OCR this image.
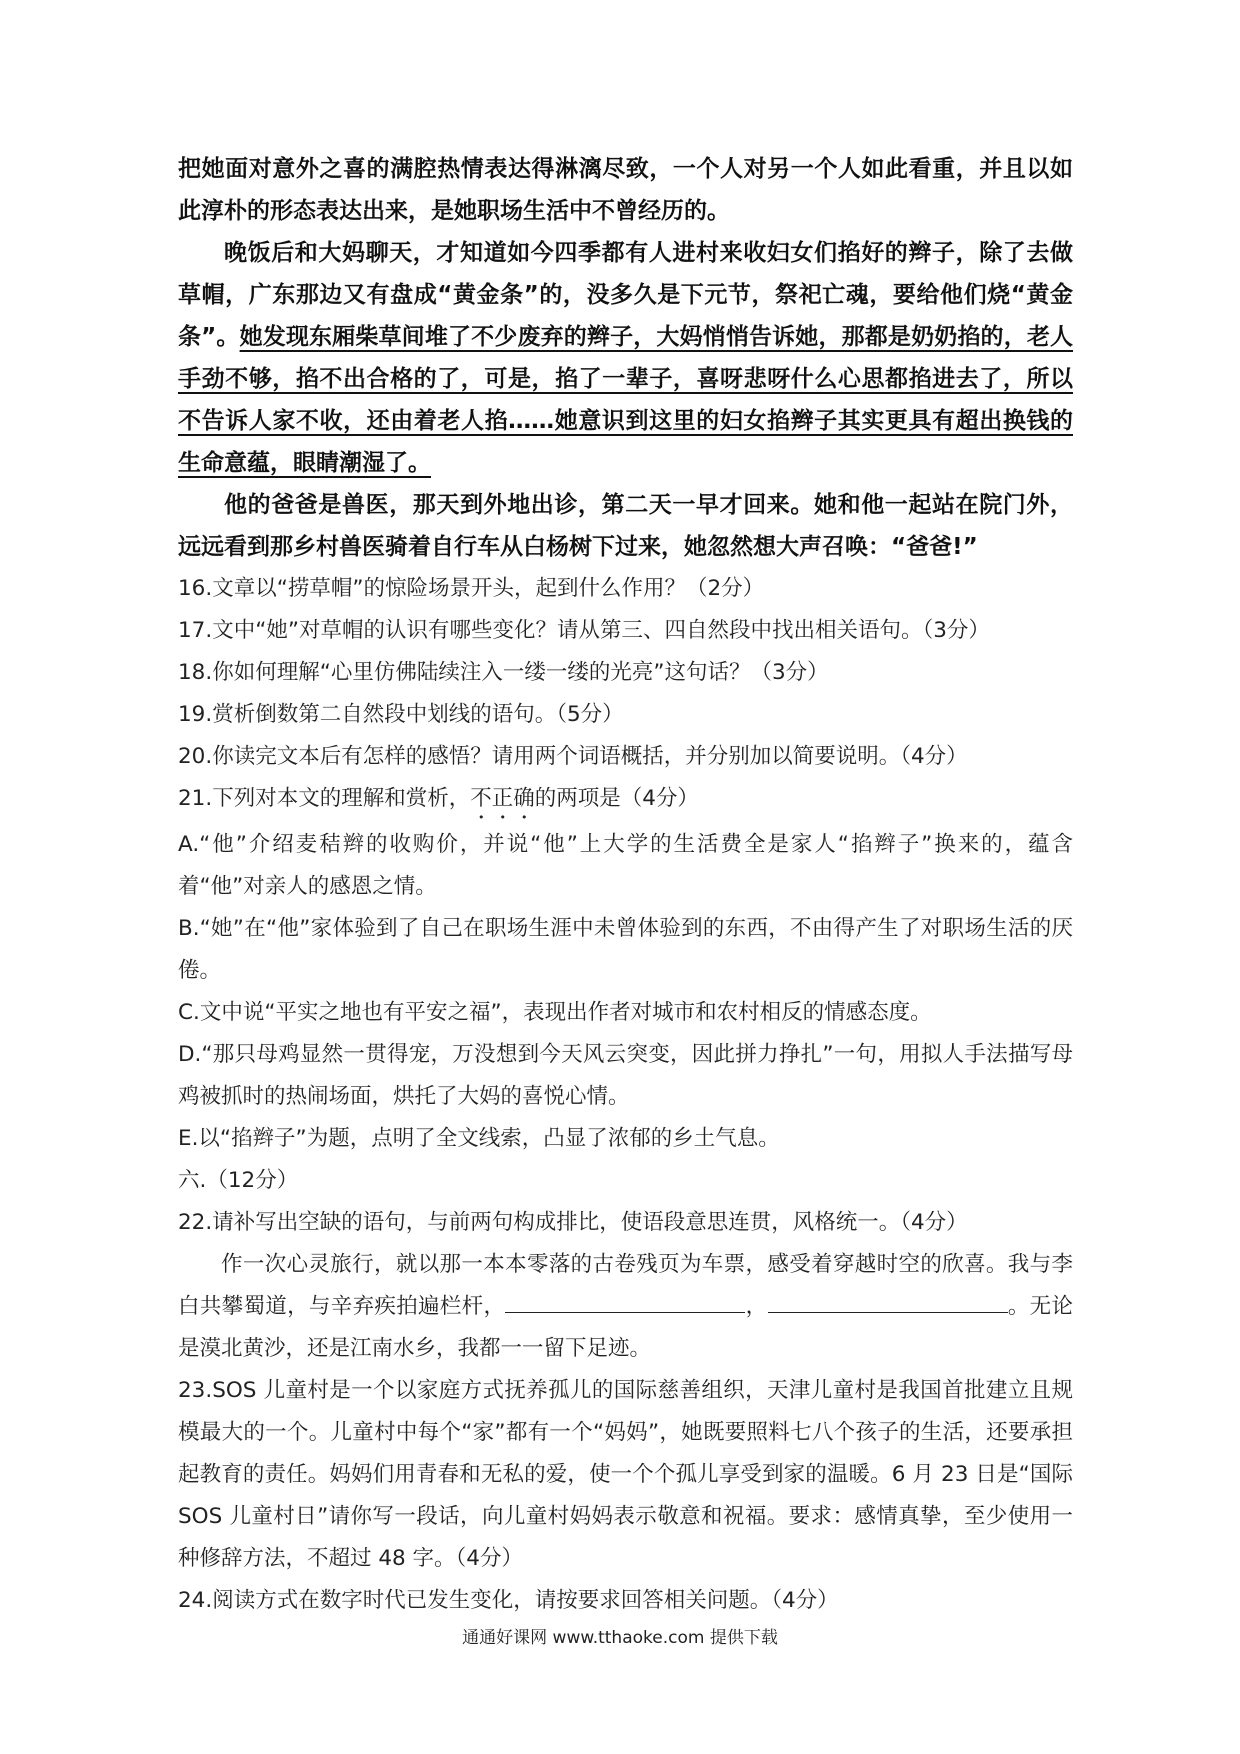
把她面对意外之喜的满腔热情表达得淋漓尽致，一个人对另一个人如此看重，并且以如此淳朴的形态表达出来，是她职场生活中不曾经历的。

晚饭后和大妈聊天，才知道如今四季都有人进村来收妇女们掐好的辫子，除了去做草帽，广东那边又有盘成“黄金条”的，没多久是下元节，祭祀亡魂，要给他们烧“黄金条”。她发现东厢柴草间堆了不少废弃的辫子，大妈悄悄告诉她，那都是奶奶掐的，老人手劲不够，掐不出合格的了，可是，掐了一辈子，喜呀悲呀什么心思都掐进去了，所以不告诉人家不收，还由着老人掐……她意识到这里的妇女掐辫子其实更具有超出换钱的生命意蕴，眼睛潮湿了。

他的爸爸是兽医，那天到外地出诊，第二天一早才回来。她和他一起站在院门外，远远看到那乡村兽医骑着自行车从白杨树下过来，她忽然想大声召唤：“爸爸!”

16.文章以“捞草帽”的惊险场景开头，起到什么作用？（2分）

17.文中“她”对草帽的认识有哪些变化？请从第三、四自然段中找出相关语句。（3分）

18.你如何理解“心里仿佛陆续注入一缕一缕的光亮”这句话？（3分）

19.赏析倒数第二自然段中划线的语句。（5分）

20.你读完文本后有怎样的感悟？请用两个词语概括，并分别加以简要说明。（4分）

21.下列对本文的理解和赏析，不正确的两项是（4分）

A.“他”介绍麦秸辫的收购价，并说“他”上大学的生活费全是家人“掐辫子”换来的，蕴含着“他”对亲人的感恩之情。

B.“她”在“他”家体验到了自己在职场生涯中未曾体验到的东西，不由得产生了对职场生活的厌倦。

C.文中说“平实之地也有平安之福”，表现出作者对城市和农村相反的情感态度。

D.“那只母鸡显然一贯得宠，万没想到今天风云突变，因此拼力挣扎”一句，用拟人手法描写母鸡被抓时的热闹场面，烘托了大妈的喜悦心情。

E.以“掐辫子”为题，点明了全文线索，凸显了浓郁的乡土气息。

六.（12分）

22.请补写出空缺的语句，与前两句构成排比，使语段意思连贯，风格统一。（4分）

作一次心灵旅行，就以那一本本零落的古卷残页为车票，感受着穿越时空的欣喜。我与李白共攀蜀道，与辛弃疾拍遍栏杆，	，	。无论是漠北黄沙，还是江南水乡，我都一一留下足迹。

23.SOS 儿童村是一个以家庭方式抚养孤儿的国际慈善组织，天津儿童村是我国首批建立且规模最大的一个。儿童村中每个“家”都有一个“妈妈”，她既要照料七八个孩子的生活，还要承担起教育的责任。妈妈们用青春和无私的爱，使一个个孤儿享受到家的温暖。6 月 23 日是“国际 SOS 儿童村日”请你写一段话，向儿童村妈妈表示敬意和祝福。要求：感情真挚，至少使用一种修辞方法，不超过 48 字。（4分）

24.阅读方式在数字时代已发生变化，请按要求回答相关问题。（4分）

通通好课网 www.tthaoke.com 提供下载
